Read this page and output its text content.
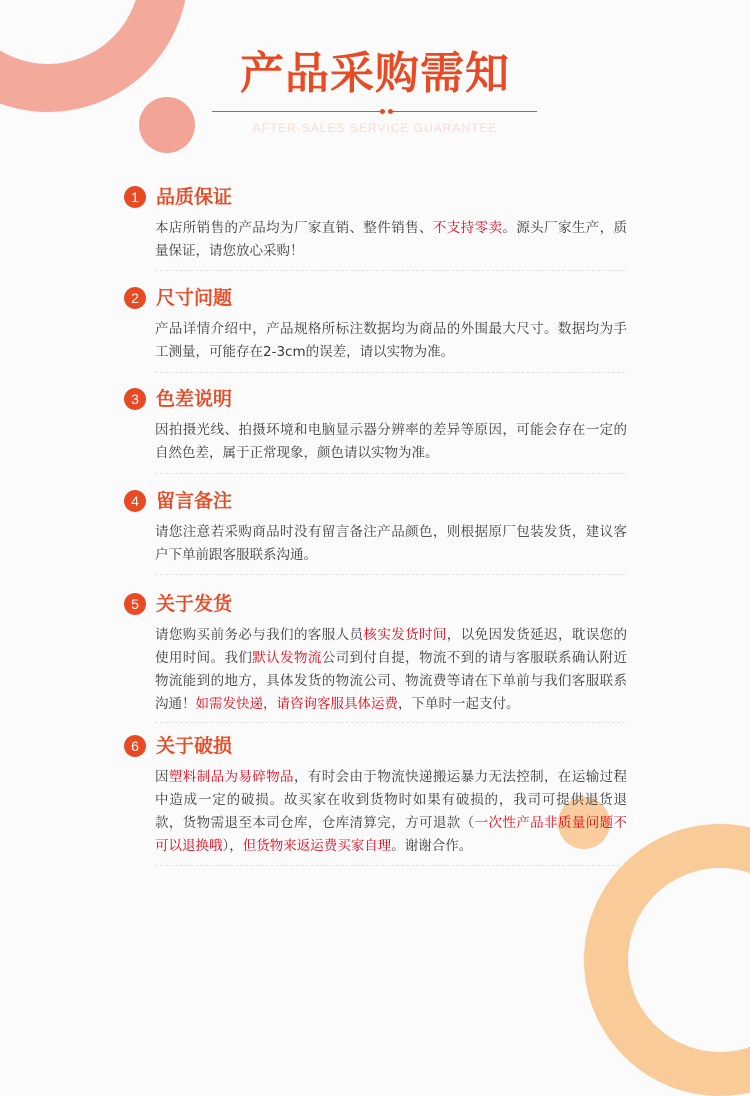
产品采购需知
AFTER-SALES SERVICE GUARANTEE
1 品质保证
本店所销售的产品均为厂家直销、整件销售、不支持零卖。源头厂家生产，质量保证，请您放心采购！
2 尺寸问题
产品详情介绍中，产品规格所标注数据均为商品的外围最大尺寸。数据均为手工测量，可能存在2-3cm的误差，请以实物为准。
3 色差说明
因拍摄光线、拍摄环境和电脑显示器分辨率的差异等原因，可能会存在一定的自然色差，属于正常现象，颜色请以实物为准。
4 留言备注
请您注意若采购商品时没有留言备注产品颜色，则根据原厂包装发货，建议客户下单前跟客服联系沟通。
5 关于发货
请您购买前务必与我们的客服人员核实发货时间，以免因发货延迟，耽误您的使用时间。我们默认发物流公司到付自提，物流不到的请与客服联系确认附近物流能到的地方，具体发货的物流公司、物流费等请在下单前与我们客服联系沟通！如需发快递，请咨询客服具体运费，下单时一起支付。
6 关于破损
因塑料制品为易碎物品，有时会由于物流快递搬运暴力无法控制，在运输过程中造成一定的破损。故买家在收到货物时如果有破损的，我司可提供退货退款，货物需退至本司仓库，仓库清算完，方可退款（一次性产品非质量问题不可以退换哦），但货物来返运费买家自理。谢谢合作。
